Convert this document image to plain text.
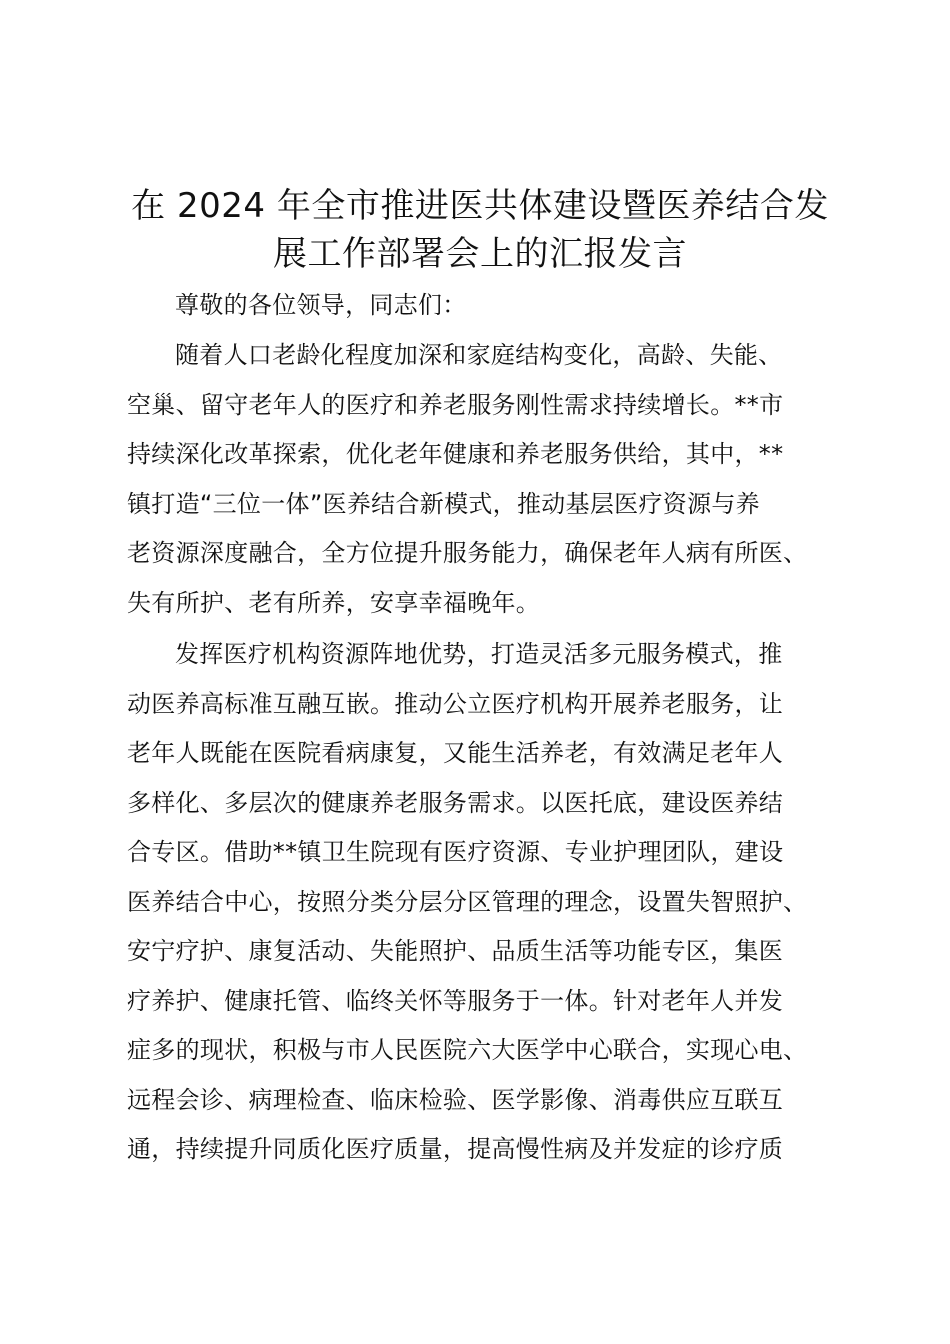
在 2024 年全市推进医共体建设暨医养结合发
展工作部署会上的汇报发言

尊敬的各位领导，同志们：

随着人口老龄化程度加深和家庭结构变化，高龄、失能、
空巢、留守老年人的医疗和养老服务刚性需求持续增长。**市
持续深化改革探索，优化老年健康和养老服务供给，其中，**
镇打造“三位一体”医养结合新模式，推动基层医疗资源与养
老资源深度融合，全方位提升服务能力，确保老年人病有所医、
失有所护、老有所养，安享幸福晚年。

发挥医疗机构资源阵地优势，打造灵活多元服务模式，推
动医养高标准互融互嵌。推动公立医疗机构开展养老服务，让
老年人既能在医院看病康复，又能生活养老，有效满足老年人
多样化、多层次的健康养老服务需求。以医托底，建设医养结
合专区。借助**镇卫生院现有医疗资源、专业护理团队，建设
医养结合中心，按照分类分层分区管理的理念，设置失智照护、
安宁疗护、康复活动、失能照护、品质生活等功能专区，集医
疗养护、健康托管、临终关怀等服务于一体。针对老年人并发
症多的现状，积极与市人民医院六大医学中心联合，实现心电、
远程会诊、病理检查、临床检验、医学影像、消毒供应互联互
通，持续提升同质化医疗质量，提高慢性病及并发症的诊疗质
